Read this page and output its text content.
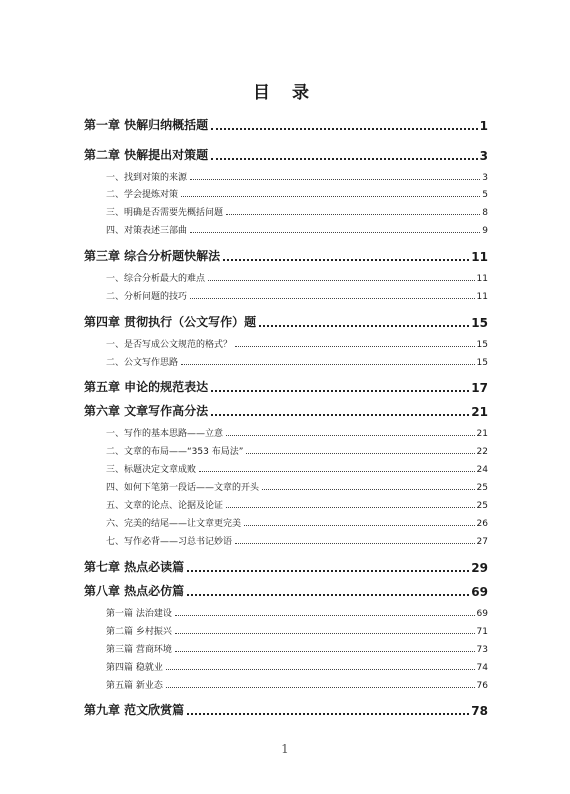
目 录
第一章 快解归纳概括题	1
第二章 快解提出对策题	3
一、找到对策的来源	3
二、学会提炼对策	5
三、明确是否需要先概括问题	8
四、对策表述三部曲	9
第三章 综合分析题快解法	11
一、综合分析最大的难点	11
二、分析问题的技巧	11
第四章 贯彻执行（公文写作）题	15
一、是否写成公文规范的格式？	15
二、公文写作思路	15
第五章 申论的规范表达	17
第六章 文章写作高分法	21
一、写作的基本思路——立意	21
二、文章的布局——“353 布局法”	22
三、标题决定文章成败	24
四、如何下笔第一段话——文章的开头	25
五、文章的论点、论据及论证	25
六、完美的结尾——让文章更完美	26
七、写作必背——习总书记妙语	27
第七章 热点必读篇	29
第八章 热点必仿篇	69
第一篇 法治建设	69
第二篇 乡村振兴	71
第三篇 营商环境	73
第四篇 稳就业	74
第五篇 新业态	76
第九章 范文欣赏篇	78
1
